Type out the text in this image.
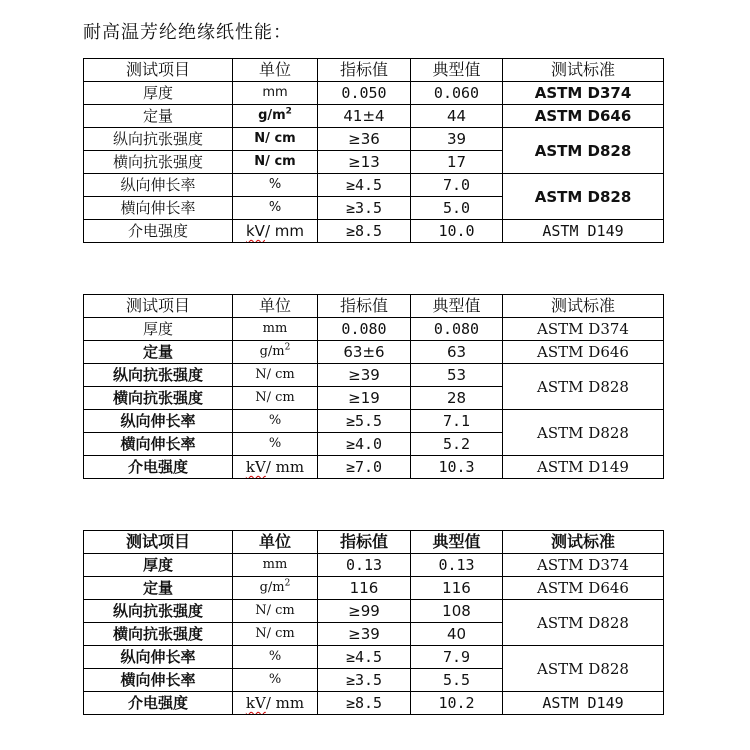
耐高温芳纶绝缘纸性能：
测试项目	单位	指标值	典型值	测试标准
厚度	mm	0.050	0.060	ASTM D374
定量	$g/m^2$	41±4	44	ASTM D646
纵向抗张强度	N/ cm	≥36	39	ASTM D828
横向抗张强度	N/ cm	≥13	17	
纵向伸长率	%	≥4.5	7.0	ASTM D828
横向伸长率	%	≥3.5	5.0	
介电强度	kV/ mm	≥8.5	10.0	ASTM D149
测试项目	单位	指标值	典型值	测试标准
厚度	mm	0.080	0.080	ASTM D374
定量	$g/m^2$	63±6	63	ASTM D646
纵向抗张强度	N/ cm	≥39	53	ASTM D828
横向抗张强度	N/ cm	≥19	28	
纵向伸长率	%	≥5.5	7.1	ASTM D828
横向伸长率	%	≥4.0	5.2	
介电强度	kV/ mm	≥7.0	10.3	ASTM D149
测试项目	单位	指标值	典型值	测试标准
厚度	mm	0.13	0.13	ASTM D374
定量	$g/m^2$	116	116	ASTM D646
纵向抗张强度	N/ cm	≥99	108	ASTM D828
横向抗张强度	N/ cm	≥39	40	
纵向伸长率	%	≥4.5	7.9	ASTM D828
横向伸长率	%	≥3.5	5.5	
介电强度	kV/ mm	≥8.5	10.2	ASTM D149
